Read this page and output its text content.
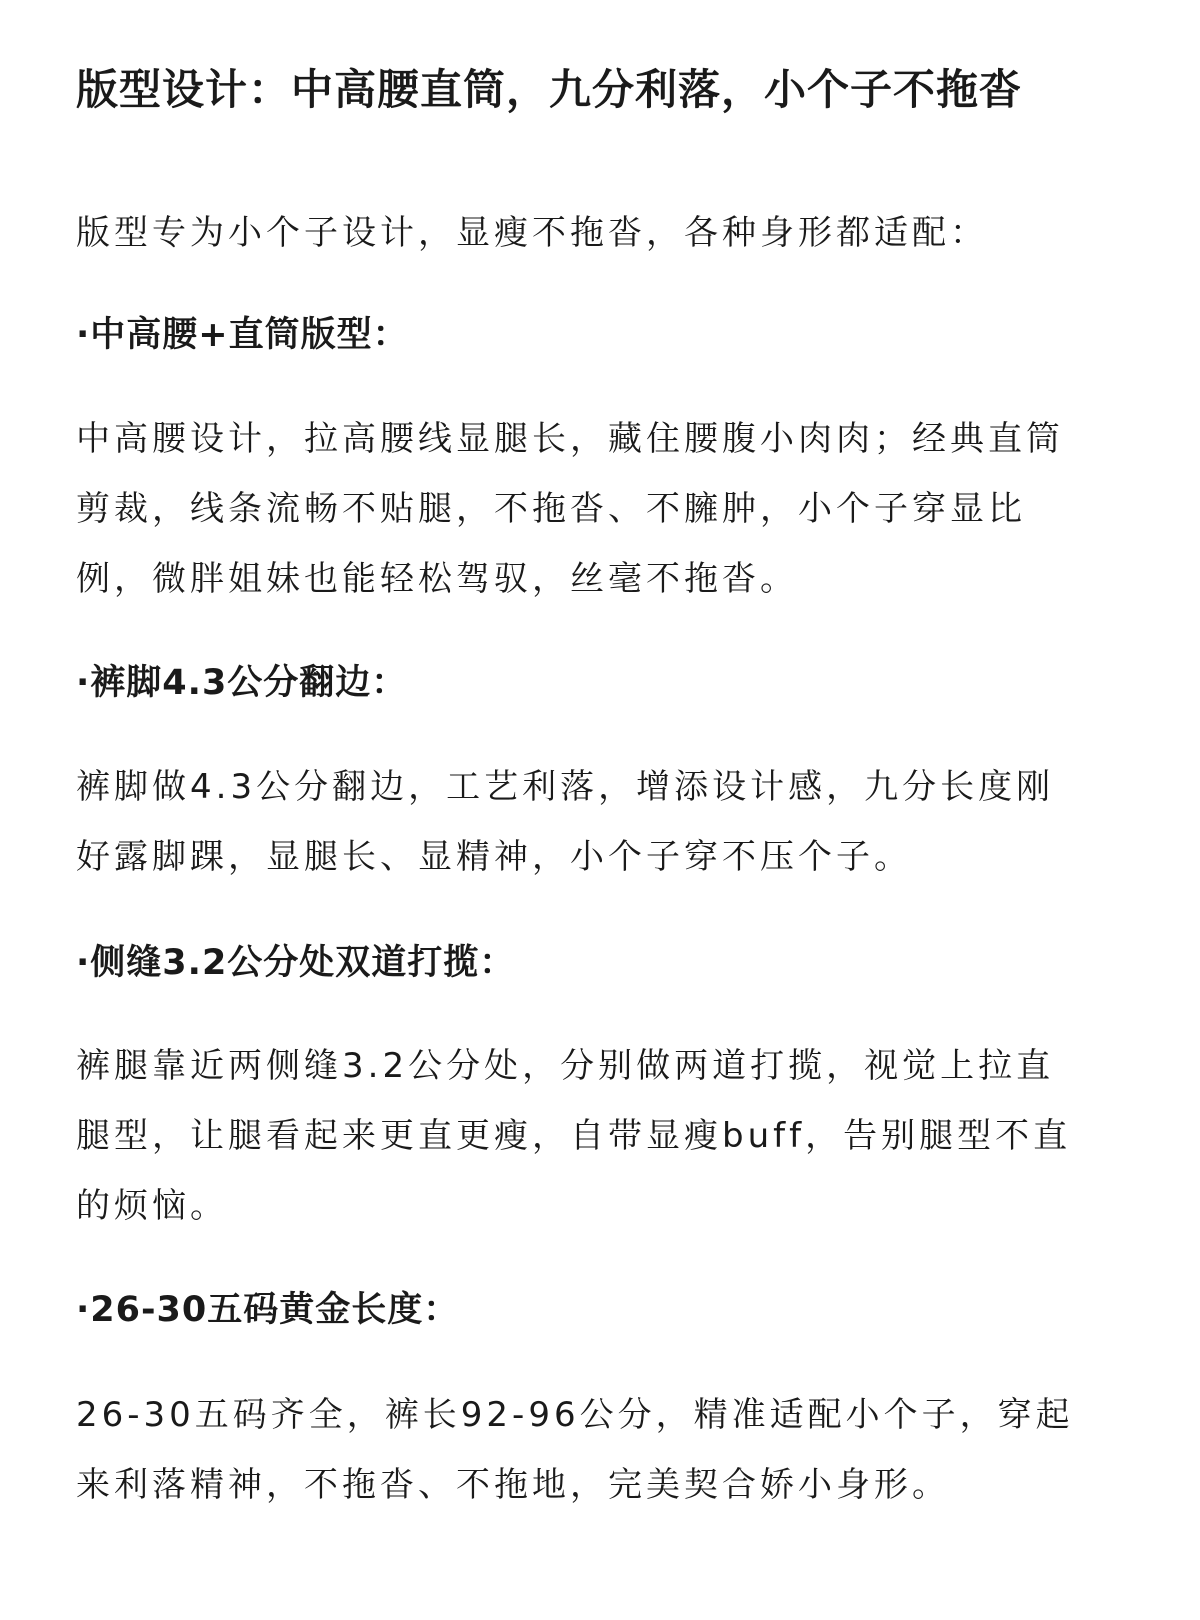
版型设计：中高腰直筒，九分利落，小个子不拖沓

版型专为小个子设计，显瘦不拖沓，各种身形都适配：

·中高腰+直筒版型：

中高腰设计，拉高腰线显腿长，藏住腰腹小肉肉；经典直筒
剪裁，线条流畅不贴腿，不拖沓、不臃肿，小个子穿显比
例，微胖姐妹也能轻松驾驭，丝毫不拖沓。

·裤脚4.3公分翻边：

裤脚做4.3公分翻边，工艺利落，增添设计感，九分长度刚
好露脚踝，显腿长、显精神，小个子穿不压个子。

·侧缝3.2公分处双道打揽：

裤腿靠近两侧缝3.2公分处，分别做两道打揽，视觉上拉直
腿型，让腿看起来更直更瘦，自带显瘦buff，告别腿型不直
的烦恼。

·26-30五码黄金长度：

26-30五码齐全，裤长92-96公分，精准适配小个子，穿起
来利落精神，不拖沓、不拖地，完美契合娇小身形。
